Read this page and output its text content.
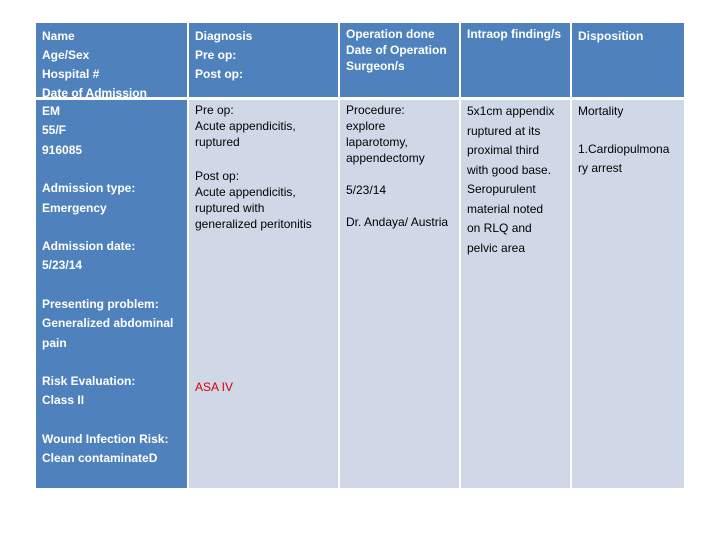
Name
Age/Sex
Hospital #
Date of Admission
Diagnosis
Pre op:
Post op:
Operation done
Date of Operation
Surgeon/s
Intraop finding/s Disposition
EM
55/F
916085
Admission type:
Emergency
Admission date:
5/23/14
Presenting problem:
Generalized abdominal
pain
Risk Evaluation:
Class II
Wound Infection Risk:
Clean contaminateD
Pre op:
Acute appendicitis,
ruptured
Post op:
Acute appendicitis,
ruptured with
generalized peritonitis
ASA IV
Procedure:
explore
laparotomy,
appendectomy
5/23/14
Dr. Andaya/ Austria
5x1cm appendix
ruptured at its
proximal third
with good base.
Seropurulent
material noted
on RLQ and
pelvic area
Mortality
1.Cardiopulmona
ry arrest
